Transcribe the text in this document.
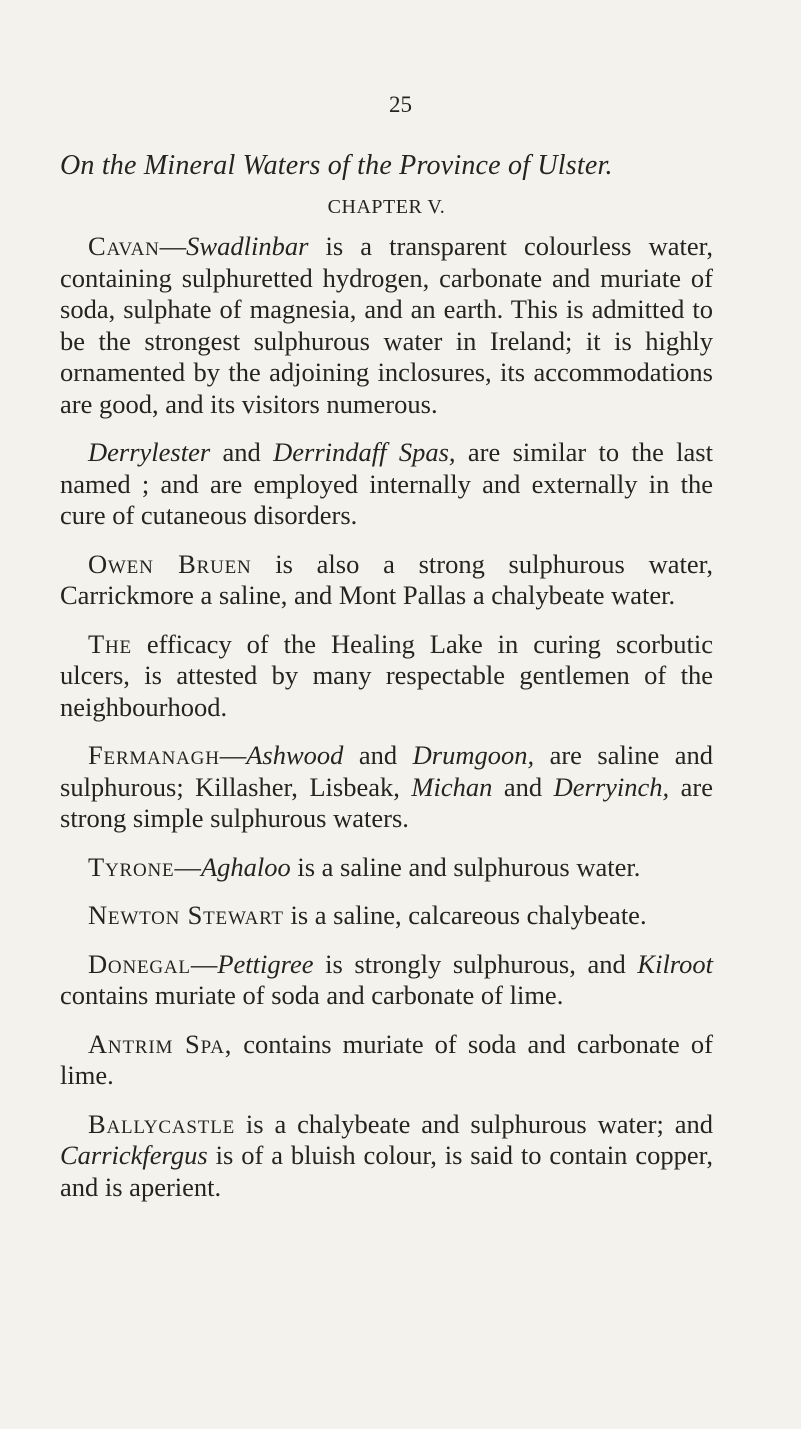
25
On the Mineral Waters of the Province of Ulster.
CHAPTER V.

Cavan—Swadlinbar is a transparent colourless water, containing sulphuretted hydrogen, carbonate and muriate of soda, sulphate of magnesia, and an earth. This is admitted to be the strongest sulphurous water in Ireland; it is highly ornamented by the adjoining inclosures, its accommodations are good, and its visitors numerous.

Derrylester and Derrindaff Spas, are similar to the last named ; and are employed internally and externally in the cure of cutaneous disorders.

Owen Bruen is also a strong sulphurous water, Carrickmore a saline, and Mont Pallas a chalybeate water.

The efficacy of the Healing Lake in curing scorbutic ulcers, is attested by many respectable gentlemen of the neighbourhood.

Fermanagh—Ashwood and Drumgoon, are saline and sulphurous; Killasher, Lisbeak, Michan and Derryinch, are strong simple sulphurous waters.

Tyrone—Aghaloo is a saline and sulphurous water.

Newton Stewart is a saline, calcareous chalybeate.

Donegal—Pettigree is strongly sulphurous, and Kilroot contains muriate of soda and carbonate of lime.

Antrim Spa, contains muriate of soda and carbonate of lime.

Ballycastle is a chalybeate and sulphurous water; and Carrickfergus is of a bluish colour, is said to contain copper, and is aperient.
